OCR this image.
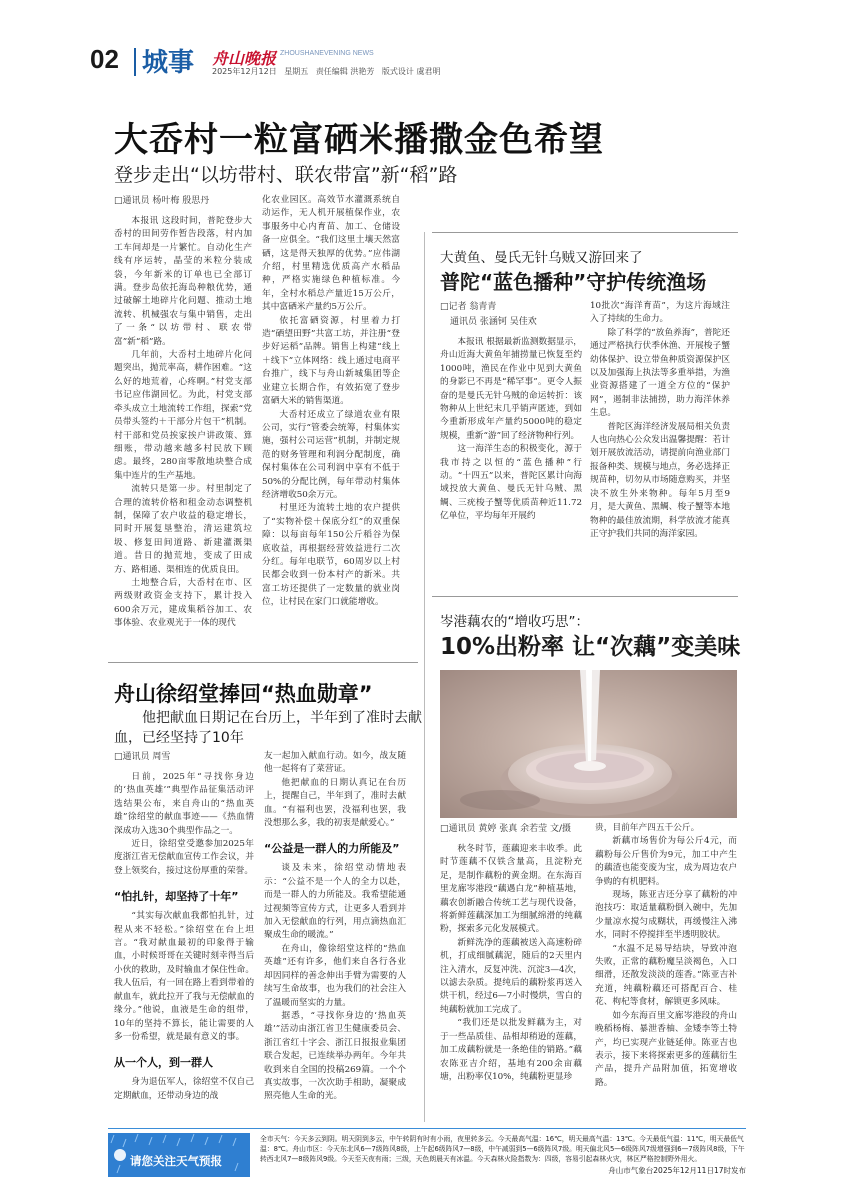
02 城事 舟山晚报 ZHOUSHANEVENING NEWS
2025年12月12日 星期五 责任编辑 洪艳芳 版式设计 虞君明
大岙村一粒富硒米播撒金色希望
登步走出“以坊带村、联农带富”新“稻”路
□通讯员 杨叶梅 殷思丹

本报讯 这段时间，普陀登步大岙村的田间劳作暂告段落，村内加工车间却是一片繁忙。自动化生产线有序运转，晶莹的米粒分装成袋，今年新米的订单也已全部订满。登步岛依托海岛种粮优势，通过破解土地碎片化问题、推动土地流转、机械强农与集中销售，走出了一条“以坊带村、联农带富”新“稻”路。

几年前，大岙村土地碎片化问题突出，抛荒率高，耕作困难。“这么好的地荒着，心疼啊。”村党支部书记应伟湖回忆。为此，村党支部牵头成立土地流转工作组，探索“党员带头签约＋干部分片包干”机制。村干部和党员挨家挨户讲政策、算细账，带动越来越多村民放下顾虑。最终，280亩零散地块整合成集中连片的生产基地。

流转只是第一步。村里制定了合理的流转价格和租金动态调整机制，保障了农户收益的稳定增长，同时开展复垦整治，清运建筑垃圾、修复田间道路、新建灌溉渠道。昔日的抛荒地，变成了田成方、路相通、渠相连的优质良田。

土地整合后，大岙村在市、区两级财政资金支持下，累计投入600余万元，建成集稻谷加工、农事体验、农业观光于一体的现代

化农业园区。高效节水灌溉系统自动运作，无人机开展植保作业，农事服务中心内育苗、加工、仓储设备一应俱全。“我们这里土壤天然富硒，这是得天独厚的优势。”应伟湖介绍，村里精选优质高产水稻品种，严格实施绿色种植标准。今年，全村水稻总产量近15万公斤，其中富硒米产量约5万公斤。

依托富硒资源，村里着力打造“硒望田野”共富工坊，并注册“登步好运稻”品牌。销售上构建“线上＋线下”立体网络：线上通过电商平台推广，线下与舟山新城集团等企业建立长期合作，有效拓宽了登步富硒大米的销售渠道。

大岙村还成立了绿道农业有限公司，实行“管委会统筹，村集体实施，强村公司运营”机制，并制定规范的财务管理和利润分配制度，确保村集体在公司利润中享有不低于50%的分配比例，每年带动村集体经济增收50余万元。

村里还为流转土地的农户提供了“实物补偿＋保底分红”的双重保障：以每亩每年150公斤稻谷为保底收益，再根据经营效益进行二次分红。每年电联节，60周岁以上村民都会收到一份本村产的新米。共富工坊还提供了一定数量的就业岗位，让村民在家门口就能增收。

大黄鱼、曼氏无针乌贼又游回来了
普陀“蓝色播种”守护传统渔场
□记者 翁青青
通讯员 张涵钶 吴佳欢

本报讯 根据最新监测数据显示，舟山近海大黄鱼年捕捞量已恢复至约1000吨，渔民在作业中见到大黄鱼的身影已不再是“稀罕事”。更令人振奋的是曼氏无针乌贼的命运转折：该物种从上世纪末几乎销声匿迹，到如今重新形成年产量约5000吨的稳定规模，重新“游”回了经济物种行列。

这一海洋生态的积极变化，源于我市持之以恒的“蓝色播种”行动。“十四五”以来，普陀区累计向海域投放大黄鱼、曼氏无针乌贼、黑鲷、三疣梭子蟹等优质苗种近11.72亿单位，平均每年开展约

10批次“海洋育苗”，为这片海域注入了持续的生命力。

除了科学的“放鱼养海”，普陀还通过严格执行伏季休渔、开展梭子蟹幼体保护、设立带鱼种质资源保护区以及加强海上执法等多重举措，为渔业资源搭建了一道全方位的“保护网”，遏制非法捕捞，助力海洋休养生息。

普陀区海洋经济发展局相关负责人也向热心公众发出温馨提醒：若计划开展放流活动，请提前向渔业部门报备种类、规模与地点，务必选择正规苗种，切勿从市场随意购买，并坚决不放生外来物种。每年5月至9月，是大黄鱼、黑鲷、梭子蟹等本地物种的最佳放流期，科学放流才能真正守护我们共同的海洋家园。

岑港藕农的“增收巧思”：
10%出粉率 让“次藕”变美味
□通讯员 黄婷 张真 余若莹 文/摄

秋冬时节，莲藕迎来丰收季。此时节莲藕不仅铁含量高，且淀粉充足，是制作藕粉的黄金期。在东海百里龙廊岑港段“藕遇白龙”种植基地，藕农创新融合传统工艺与现代设备，将新鲜莲藕深加工为细腻绵滑的纯藕粉，探索多元化发展模式。

新鲜洗净的莲藕被送入高速粉碎机，打成细腻藕泥，随后的2天里内注入清水，反复冲洗、沉淀3—4次，以滤去杂质。提纯后的藕粉浆再送入烘干机，经过6—7小时慢烘，雪白的纯藕粉就加工完成了。

“我们还是以批发鲜藕为主，对于一些品质佳、品相却稍逊的莲藕，加工成藕粉就是一条绝佳的销路。”藕农陈亚吉介绍，基地有200余亩藕塘，出粉率仅10%，纯藕粉更显珍

贵，目前年产四五千公斤。

新藕市场售价为每公斤4元，而藕粉每公斤售价为9元，加工中产生的藕渣也能变废为宝，成为周边农户争购的有机肥料。

现场，陈亚吉还分享了藕粉的冲泡技巧：取适量藕粉倒入碗中，先加少量凉水搅匀成糊状，再缓慢注入沸水，同时不停搅拌至半透明胶状。

“水温不足易导结块，导致冲泡失败，正常的藕粉魔呈淡褐色，入口细滑，还散发淡淡的莲香。”陈亚吉补充道，纯藕粉藕还可搭配百合、桂花、枸杞等食材，解锁更多风味。

如今东海百里文廊岑港段的舟山晚稻杨梅、暴泄香柚、金矮李等土特产，均已实现产业链延伸。陈亚吉也表示，接下来将探索更多的莲藕衍生产品，提升产品附加值，拓宽增收路。

舟山徐绍堂捧回“热血勋章”
他把献血日期记在台历上，半年到了准时去献血，已经坚持了10年
□通讯员 周雪

日前，2025年“寻找你身边的‘热血英雄’”典型作品征集活动评选结果公布，来自舟山的“热血英雄”徐绍堂的献血事迹——《热血情深成功入选30个典型作品之一。

近日，徐绍堂受邀参加2025年度浙江省无偿献血宣传工作会议，并登上领奖台，接过这份厚重的荣誉。

“怕扎针，却坚持了十年”

“其实每次献血我都怕扎针，过程从来不轻松。”徐绍堂在台上坦言。“我对献血最初的印象得于输血，小时候哥哥在关键时刻幸得当后小伙的救助，及时输血才保住性命。我人伍后，有一回在路上看到带着的献血车，就此拉开了我与无偿献血的缘分。”他说，血液是生命的组带，10年的坚持不算长，能让需要的人多一份希望，就是最有意义的事。

从一个人，到一群人

身为退伍军人，徐绍堂不仅自己定期献血，还带动身边的战

友一起加入献血行动。如今，战友随他一起将有了菜营证。

他把献血的日期认真记在台历上，提醒自己，半年到了，准时去献血。“有福利也罢，没福利也罢，我没想那么多，我的初衷是献爱心。”

“公益是一群人的力所能及”

谈及未来，徐绍堂动情地表示：“公益不是一个人的全力以赴，而是一群人的力所能及。我希望能通过视频等宣传方式，让更多人看到并加入无偿献血的行列，用点滴热血汇聚成生命的暖流。”

在舟山，像徐绍堂这样的“热血英雄”还有许多，他们来自各行各业却因同样的善念伸出手臂为需要的人续写生命故事，也为我们的社会注入了温暖而坚实的力量。

据悉，“寻找你身边的‘热血英雄’”活动由浙江省卫生健康委员会、浙江省红十字会、浙江日报报业集团联合发起，已连续举办两年。今年共收到来自全国的投稿269篇。一个个真实故事，一次次助手相助，凝聚成照亮他人生命的光。

请您关注天气预报
全市天气：今天多云到阴。明天阴到多云，中午转阴有时有小雨，夜里转多云。今天最高气温：16℃，明天最高气温：13℃。今天最低气温：11℃，明天最低气温：8℃。舟山市区：今天东北风6—7级阵风8级，上午起6级阵风7—8级，中午减弱到5—6级阵风7级。明天偏北风5—6级阵风7级增强到6—7级阵风8级，下午转西北风7—8级阵风9级。今天至天夜有雨；三级，天色朗晨天有冰温。今天森林火险指数为：四级，容易引起森林火灾，林区严格控制野外用火。
舟山市气象台2025年12月11日17时发布
